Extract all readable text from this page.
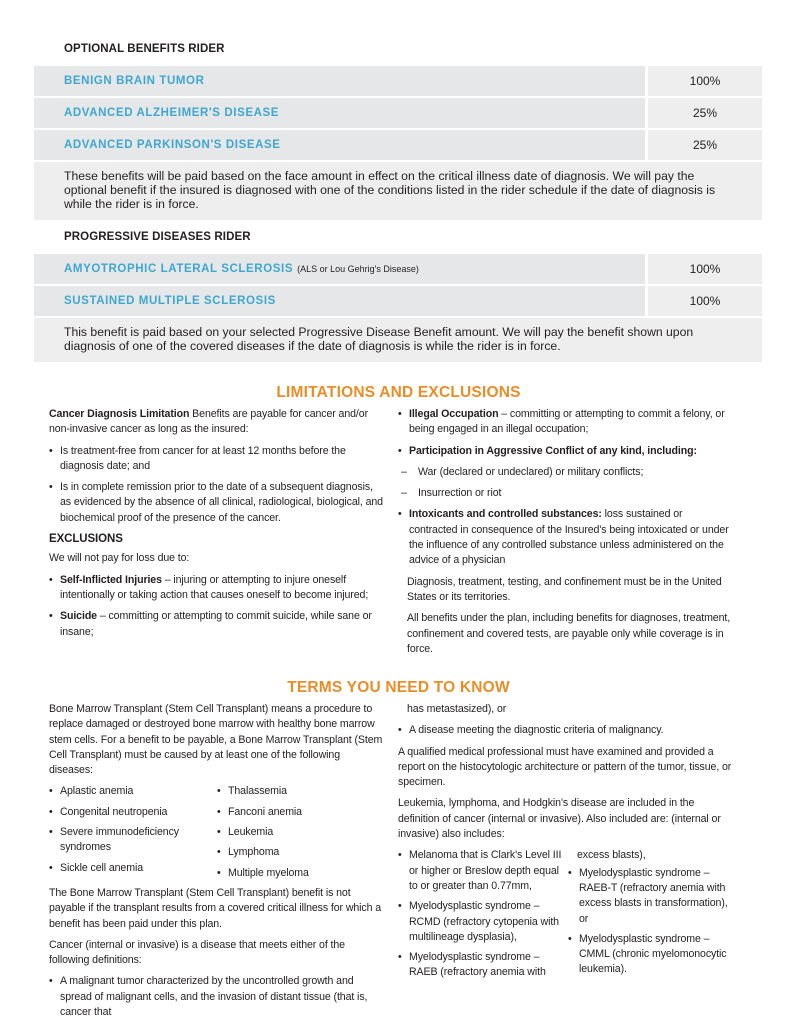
OPTIONAL BENEFITS RIDER
BENIGN BRAIN TUMOR	100%
ADVANCED ALZHEIMER'S DISEASE	25%
ADVANCED PARKINSON'S DISEASE	25%
These benefits will be paid based on the face amount in effect on the critical illness date of diagnosis. We will pay the optional benefit if the insured is diagnosed with one of the conditions listed in the rider schedule if the date of diagnosis is while the rider is in force.
PROGRESSIVE DISEASES RIDER
AMYOTROPHIC LATERAL SCLEROSIS (ALS or Lou Gehrig's Disease)	100%
SUSTAINED MULTIPLE SCLEROSIS	100%
This benefit is paid based on your selected Progressive Disease Benefit amount. We will pay the benefit shown upon diagnosis of one of the covered diseases if the date of diagnosis is while the rider is in force.
LIMITATIONS AND EXCLUSIONS

Cancer Diagnosis Limitation Benefits are payable for cancer and/or non-invasive cancer as long as the insured:

• Is treatment-free from cancer for at least 12 months before the diagnosis date; and
• Is in complete remission prior to the date of a subsequent diagnosis, as evidenced by the absence of all clinical, radiological, biological, and biochemical proof of the presence of the cancer.
EXCLUSIONS

We will not pay for loss due to:

• Self-Inflicted Injuries – injuring or attempting to injure oneself intentionally or taking action that causes oneself to become injured;
• Suicide – committing or attempting to commit suicide, while sane or insane;
• Illegal Occupation – committing or attempting to commit a felony, or being engaged in an illegal occupation;
• Participation in Aggressive Conflict of any kind, including:
– War (declared or undeclared) or military conflicts;
– Insurrection or riot
• Intoxicants and controlled substances: loss sustained or contracted in consequence of the Insured's being intoxicated or under the influence of any controlled substance unless administered on the advice of a physician

Diagnosis, treatment, testing, and confinement must be in the United States or its territories.

All benefits under the plan, including benefits for diagnoses, treatment, confinement and covered tests, are payable only while coverage is in force.

TERMS YOU NEED TO KNOW

Bone Marrow Transplant (Stem Cell Transplant) means a procedure to replace damaged or destroyed bone marrow with healthy bone marrow stem cells. For a benefit to be payable, a Bone Marrow Transplant (Stem Cell Transplant) must be caused by at least one of the following diseases:

• Aplastic anemia
• Congenital neutropenia
• Severe immunodeficiency syndromes
• Sickle cell anemia
• Thalassemia
• Fanconi anemia
• Leukemia
• Lymphoma
• Multiple myeloma

The Bone Marrow Transplant (Stem Cell Transplant) benefit is not payable if the transplant results from a covered critical illness for which a benefit has been paid under this plan.

Cancer (internal or invasive) is a disease that meets either of the following definitions:

• A malignant tumor characterized by the uncontrolled growth and spread of malignant cells, and the invasion of distant tissue (that is, cancer that

has metastasized), or

• A disease meeting the diagnostic criteria of malignancy.

A qualified medical professional must have examined and provided a report on the histocytologic architecture or pattern of the tumor, tissue, or specimen.

Leukemia, lymphoma, and Hodgkin's disease are included in the definition of cancer (internal or invasive). Also included are: (internal or invasive) also includes:

• Melanoma that is Clark's Level III or higher or Breslow depth equal to or greater than 0.77mm,
• Myelodysplastic syndrome – RCMD (refractory cytopenia with multilineage dysplasia),
• Myelodysplastic syndrome – RAEB (refractory anemia with

excess blasts),

• Myelodysplastic syndrome – RAEB-T (refractory anemia with excess blasts in transformation), or
• Myelodysplastic syndrome – CMML (chronic myelomonocytic leukemia).
